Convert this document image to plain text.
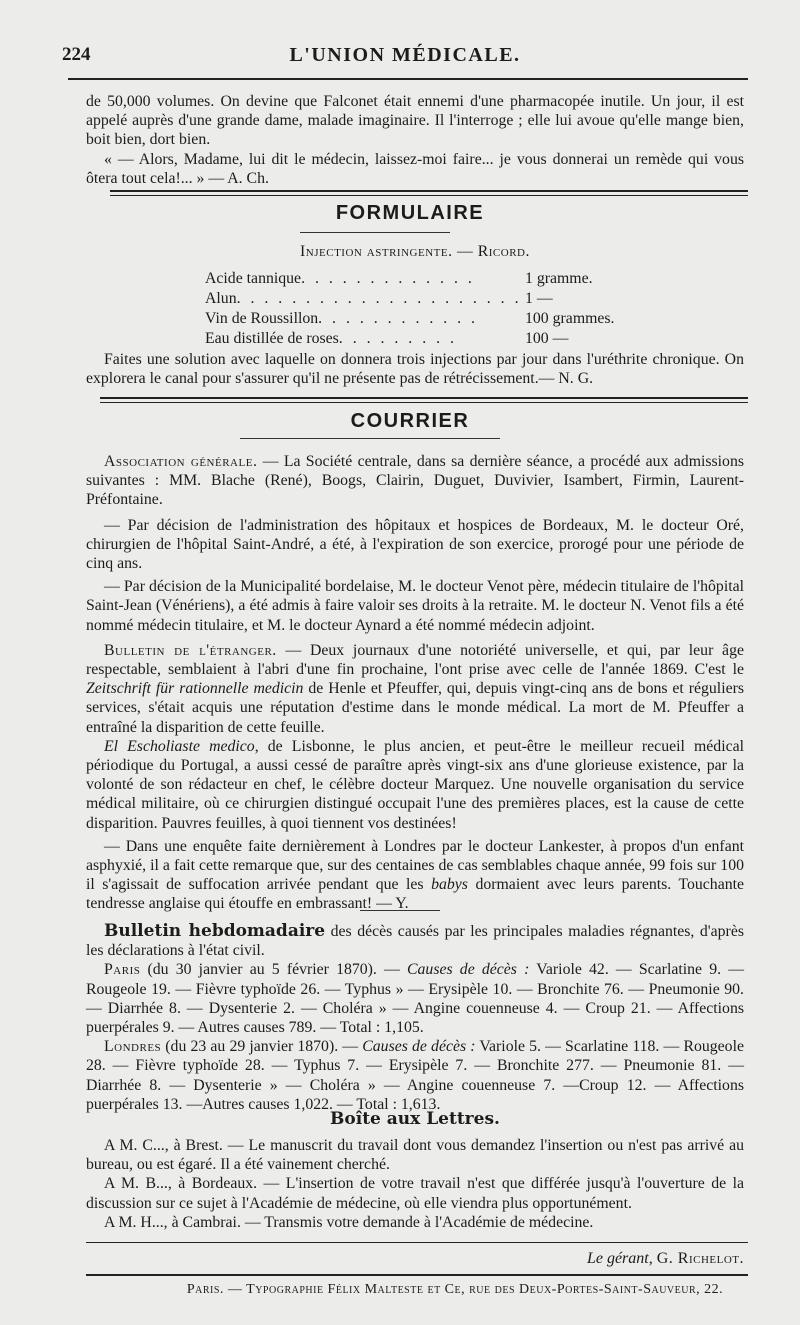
224	L'UNION MÉDICALE.
de 50,000 volumes. On devine que Falconet était ennemi d'une pharmacopée inutile. Un jour, il est appelé auprès d'une grande dame, malade imaginaire. Il l'interroge ; elle lui avoue qu'elle mange bien, boit bien, dort bien.
« — Alors, Madame, lui dit le médecin, laissez-moi faire... je vous donnerai un remède qui vous ôtera tout cela!... » — A. Ch.
FORMULAIRE
Injection astringente. — Ricord.
Acide tannique. . . . . . . . . . . . .	1 gramme.
Alun. . . . . . . . . . . . . . . . . . . . . 1 —
Vin de Roussillon. . . . . . . . . . . .	100 grammes.
Eau distillée de roses. . . . . . . . .	100 —
Faites une solution avec laquelle on donnera trois injections par jour dans l'uréthrite chronique. On explorera le canal pour s'assurer qu'il ne présente pas de rétrécissement.— N. G.
COURRIER
Association générale. — La Société centrale, dans sa dernière séance, a procédé aux admissions suivantes : MM. Blache (René), Boogs, Clairin, Duguet, Duvivier, Isambert, Firmin, Laurent-Préfontaine.
— Par décision de l'administration des hôpitaux et hospices de Bordeaux, M. le docteur Oré, chirurgien de l'hôpital Saint-André, a été, à l'expiration de son exercice, prorogé pour une période de cinq ans.
— Par décision de la Municipalité bordelaise, M. le docteur Venot père, médecin titulaire de l'hôpital Saint-Jean (Vénériens), a été admis à faire valoir ses droits à la retraite. M. le docteur N. Venot fils a été nommé médecin titulaire, et M. le docteur Aynard a été nommé médecin adjoint.
Bulletin de l'étranger. — Deux journaux d'une notoriété universelle, et qui, par leur âge respectable, semblaient à l'abri d'une fin prochaine, l'ont prise avec celle de l'année 1869. C'est le Zeitschrift für rationnelle medicin de Henle et Pfeuffer, qui, depuis vingt-cinq ans de bons et réguliers services, s'était acquis une réputation d'estime dans le monde médical. La mort de M. Pfeuffer a entraîné la disparition de cette feuille.
El Escholiaste medico, de Lisbonne, le plus ancien, et peut-être le meilleur recueil médical périodique du Portugal, a aussi cessé de paraître après vingt-six ans d'une glorieuse existence, par la volonté de son rédacteur en chef, le célèbre docteur Marquez. Une nouvelle organisation du service médical militaire, où ce chirurgien distingué occupait l'une des premières places, est la cause de cette disparition. Pauvres feuilles, à quoi tiennent vos destinées!
— Dans une enquête faite dernièrement à Londres par le docteur Lankester, à propos d'un enfant asphyxié, il a fait cette remarque que, sur des centaines de cas semblables chaque année, 99 fois sur 100 il s'agissait de suffocation arrivée pendant que les babys dormaient avec leurs parents. Touchante tendresse anglaise qui étouffe en embrassant! — Y.
Bulletin hebdomadaire des décès causés par les principales maladies régnantes, d'après les déclarations à l'état civil.
Paris (du 30 janvier au 5 février 1870). — Causes de décès : Variole 42. — Scarlatine 9. — Rougeole 19. — Fièvre typhoïde 26. — Typhus » — Erysipèle 10. — Bronchite 76. — Pneumonie 90. — Diarrhée 8. — Dysenterie 2. — Choléra » — Angine couenneuse 4. — Croup 21. — Affections puerpérales 9. — Autres causes 789. — Total : 1,105.
Londres (du 23 au 29 janvier 1870). — Causes de décès : Variole 5. — Scarlatine 118. — Rougeole 28. — Fièvre typhoïde 28. — Typhus 7. — Erysipèle 7. — Bronchite 277. — Pneumonie 81. — Diarrhée 8. — Dysenterie » — Choléra » — Angine couenneuse 7. —Croup 12. — Affections puerpérales 13. —Autres causes 1,022. — Total : 1,613.
Boîte aux Lettres.
A M. C..., à Brest. — Le manuscrit du travail dont vous demandez l'insertion ou n'est pas arrivé au bureau, ou est égaré. Il a été vainement cherché.
A M. B..., à Bordeaux. — L'insertion de votre travail n'est que différée jusqu'à l'ouverture de la discussion sur ce sujet à l'Académie de médecine, où elle viendra plus opportunément.
A M. H..., à Cambrai. — Transmis votre demande à l'Académie de médecine.
Le gérant, G. Richelot.
Paris. — Typographie Félix Malteste et Ce, rue des Deux-Portes-Saint-Sauveur, 22.
